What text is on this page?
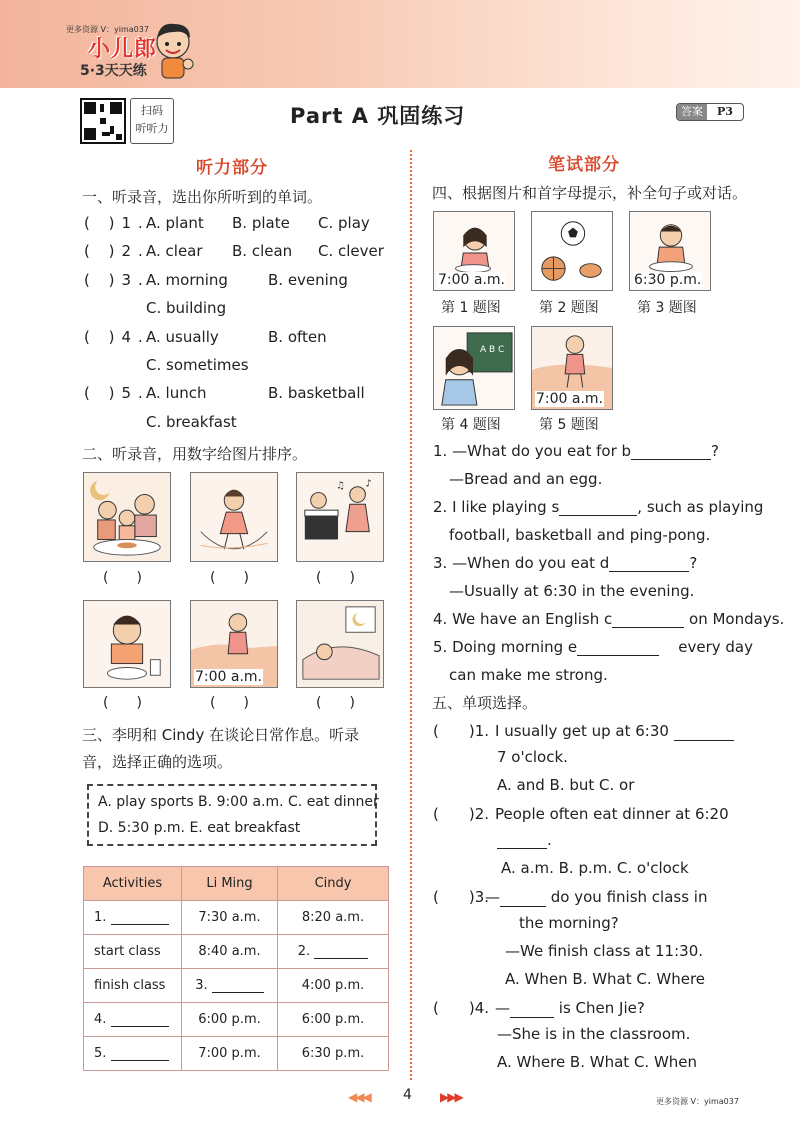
更多资源 V：yima037
小儿郎
5·3天天练
扫码
听听力
Part A 巩固练习	答案	P3
听力部分
一、听录音，选出你所听到的单词。
( )1.A. plant B. plate C. play
( )2.A. clear B. clean C. clever
( )3.A. morning	B. evening
C. building
( )4.A. usually	B. often
C. sometimes
( )5.A. lunch	B. basketball
C. breakfast
二、听录音，用数字给图片排序。
♪
♫
(　　)	(　　)	(　　)
7:00 a.m.
(　　)	(　　)	(　　)
三、李明和 Cindy 在谈论日常作息。听录
音，选择正确的选项。
A. play sports B. 9:00 a.m. C. eat dinner
D. 5:30 p.m. E. eat breakfast
Activities	Li Ming	Cindy
1.	7:30 a.m.	8:20 a.m.
start class	8:40 a.m.	2.
finish class	3.	4:00 p.m.
4.	6:00 p.m.	6:00 p.m.
5.	7:00 p.m.	6:30 p.m.
笔试部分
四、根据图片和首字母提示，补全句子或对话。
7:00 a.m.	6:30 p.m.
第 1 题图	第 2 题图	第 3 题图
A B C
7:00 a.m.
第 4 题图	第 5 题图
1. —What do you eat for b	?
—Bread and an egg.
2. I like playing s	, such as playing
football, basketball and ping-pong.
3. —When do you eat d	?
—Usually at 6:30 in the evening.
4. We have an English c	on Mondays.
5. Doing morning e	every day
can make me strong.
五、单项选择。
(　　)1. I usually get up at 6:30
7 o'clock.
A. and B. but C. or
(　　)2. People often eat dinner at 6:20
.
A. a.m. B. p.m. C. o'clock
(　　)3.—	do you finish class in
the morning?
—We finish class at 11:30.
A. When B. What C. Where
(　　)4. —	is Chen Jie?
—She is in the classroom.
A. Where B. What C. When
◀◀◀ 4 ▶▶▶	更多资源 V：yima037
